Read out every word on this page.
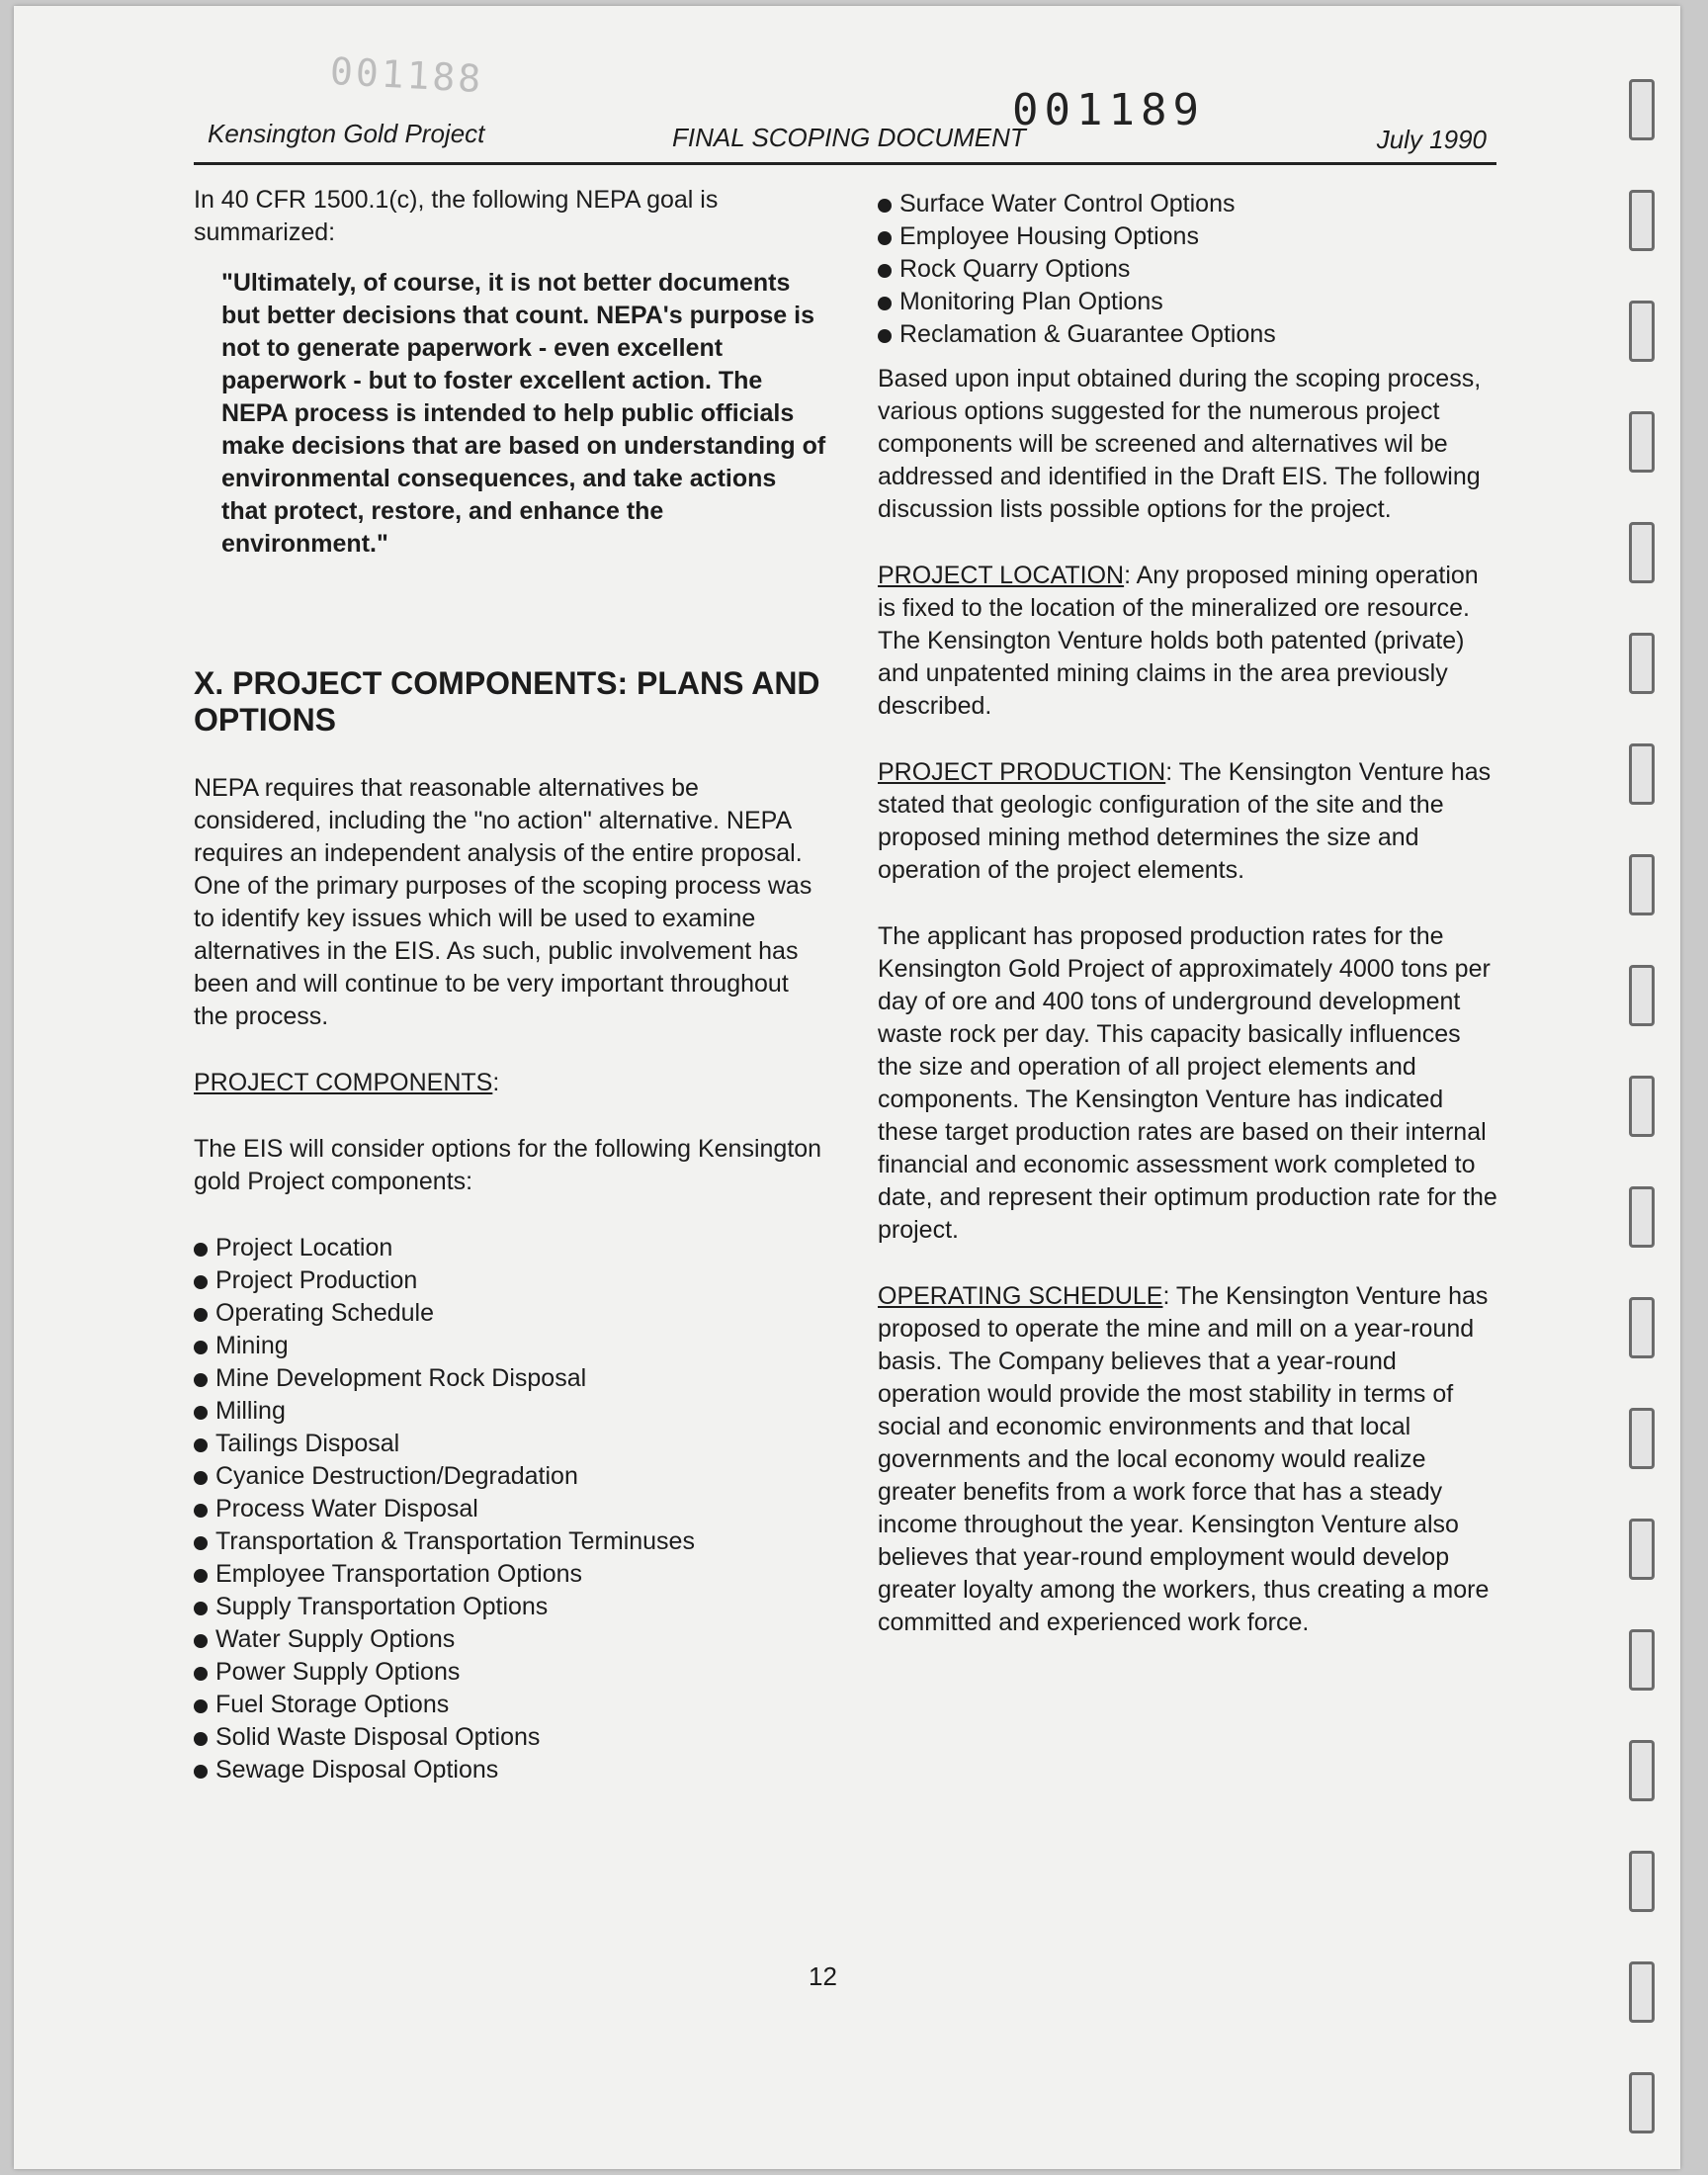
001188
Kensington Gold Project	FINAL SCOPING DOCUMENT	July 1990
001189

In 40 CFR 1500.1(c), the following NEPA goal is summarized:

"Ultimately, of course, it is not better documents but better decisions that count. NEPA's purpose is not to generate paperwork - even excellent paperwork - but to foster excellent action. The NEPA process is intended to help public officials make decisions that are based on understanding of environmental consequences, and take actions that protect, restore, and enhance the environment."

X. PROJECT COMPONENTS: PLANS AND OPTIONS

NEPA requires that reasonable alternatives be considered, including the "no action" alternative. NEPA requires an independent analysis of the entire proposal. One of the primary purposes of the scoping process was to identify key issues which will be used to examine alternatives in the EIS. As such, public involvement has been and will continue to be very important throughout the process.

PROJECT COMPONENTS:

The EIS will consider options for the following Kensington gold Project components:

Project Location
Project Production
Operating Schedule
Mining
Mine Development Rock Disposal
Milling
Tailings Disposal
Cyanice Destruction/Degradation
Process Water Disposal
Transportation & Transportation Terminuses
Employee Transportation Options
Supply Transportation Options
Water Supply Options
Power Supply Options
Fuel Storage Options
Solid Waste Disposal Options
Sewage Disposal Options
Surface Water Control Options
Employee Housing Options
Rock Quarry Options
Monitoring Plan Options
Reclamation & Guarantee Options

Based upon input obtained during the scoping process, various options suggested for the numerous project components will be screened and alternatives wil be addressed and identified in the Draft EIS. The following discussion lists possible options for the project.

PROJECT LOCATION: Any proposed mining operation is fixed to the location of the mineralized ore resource. The Kensington Venture holds both patented (private) and unpatented mining claims in the area previously described.

PROJECT PRODUCTION: The Kensington Venture has stated that geologic configuration of the site and the proposed mining method determines the size and operation of the project elements.

The applicant has proposed production rates for the Kensington Gold Project of approximately 4000 tons per day of ore and 400 tons of underground development waste rock per day. This capacity basically influences the size and operation of all project elements and components. The Kensington Venture has indicated these target production rates are based on their internal financial and economic assessment work completed to date, and represent their optimum production rate for the project.

OPERATING SCHEDULE: The Kensington Venture has proposed to operate the mine and mill on a year-round basis. The Company believes that a year-round operation would provide the most stability in terms of social and economic environments and that local governments and the local economy would realize greater benefits from a work force that has a steady income throughout the year. Kensington Venture also believes that year-round employment would develop greater loyalty among the workers, thus creating a more committed and experienced work force.

12
